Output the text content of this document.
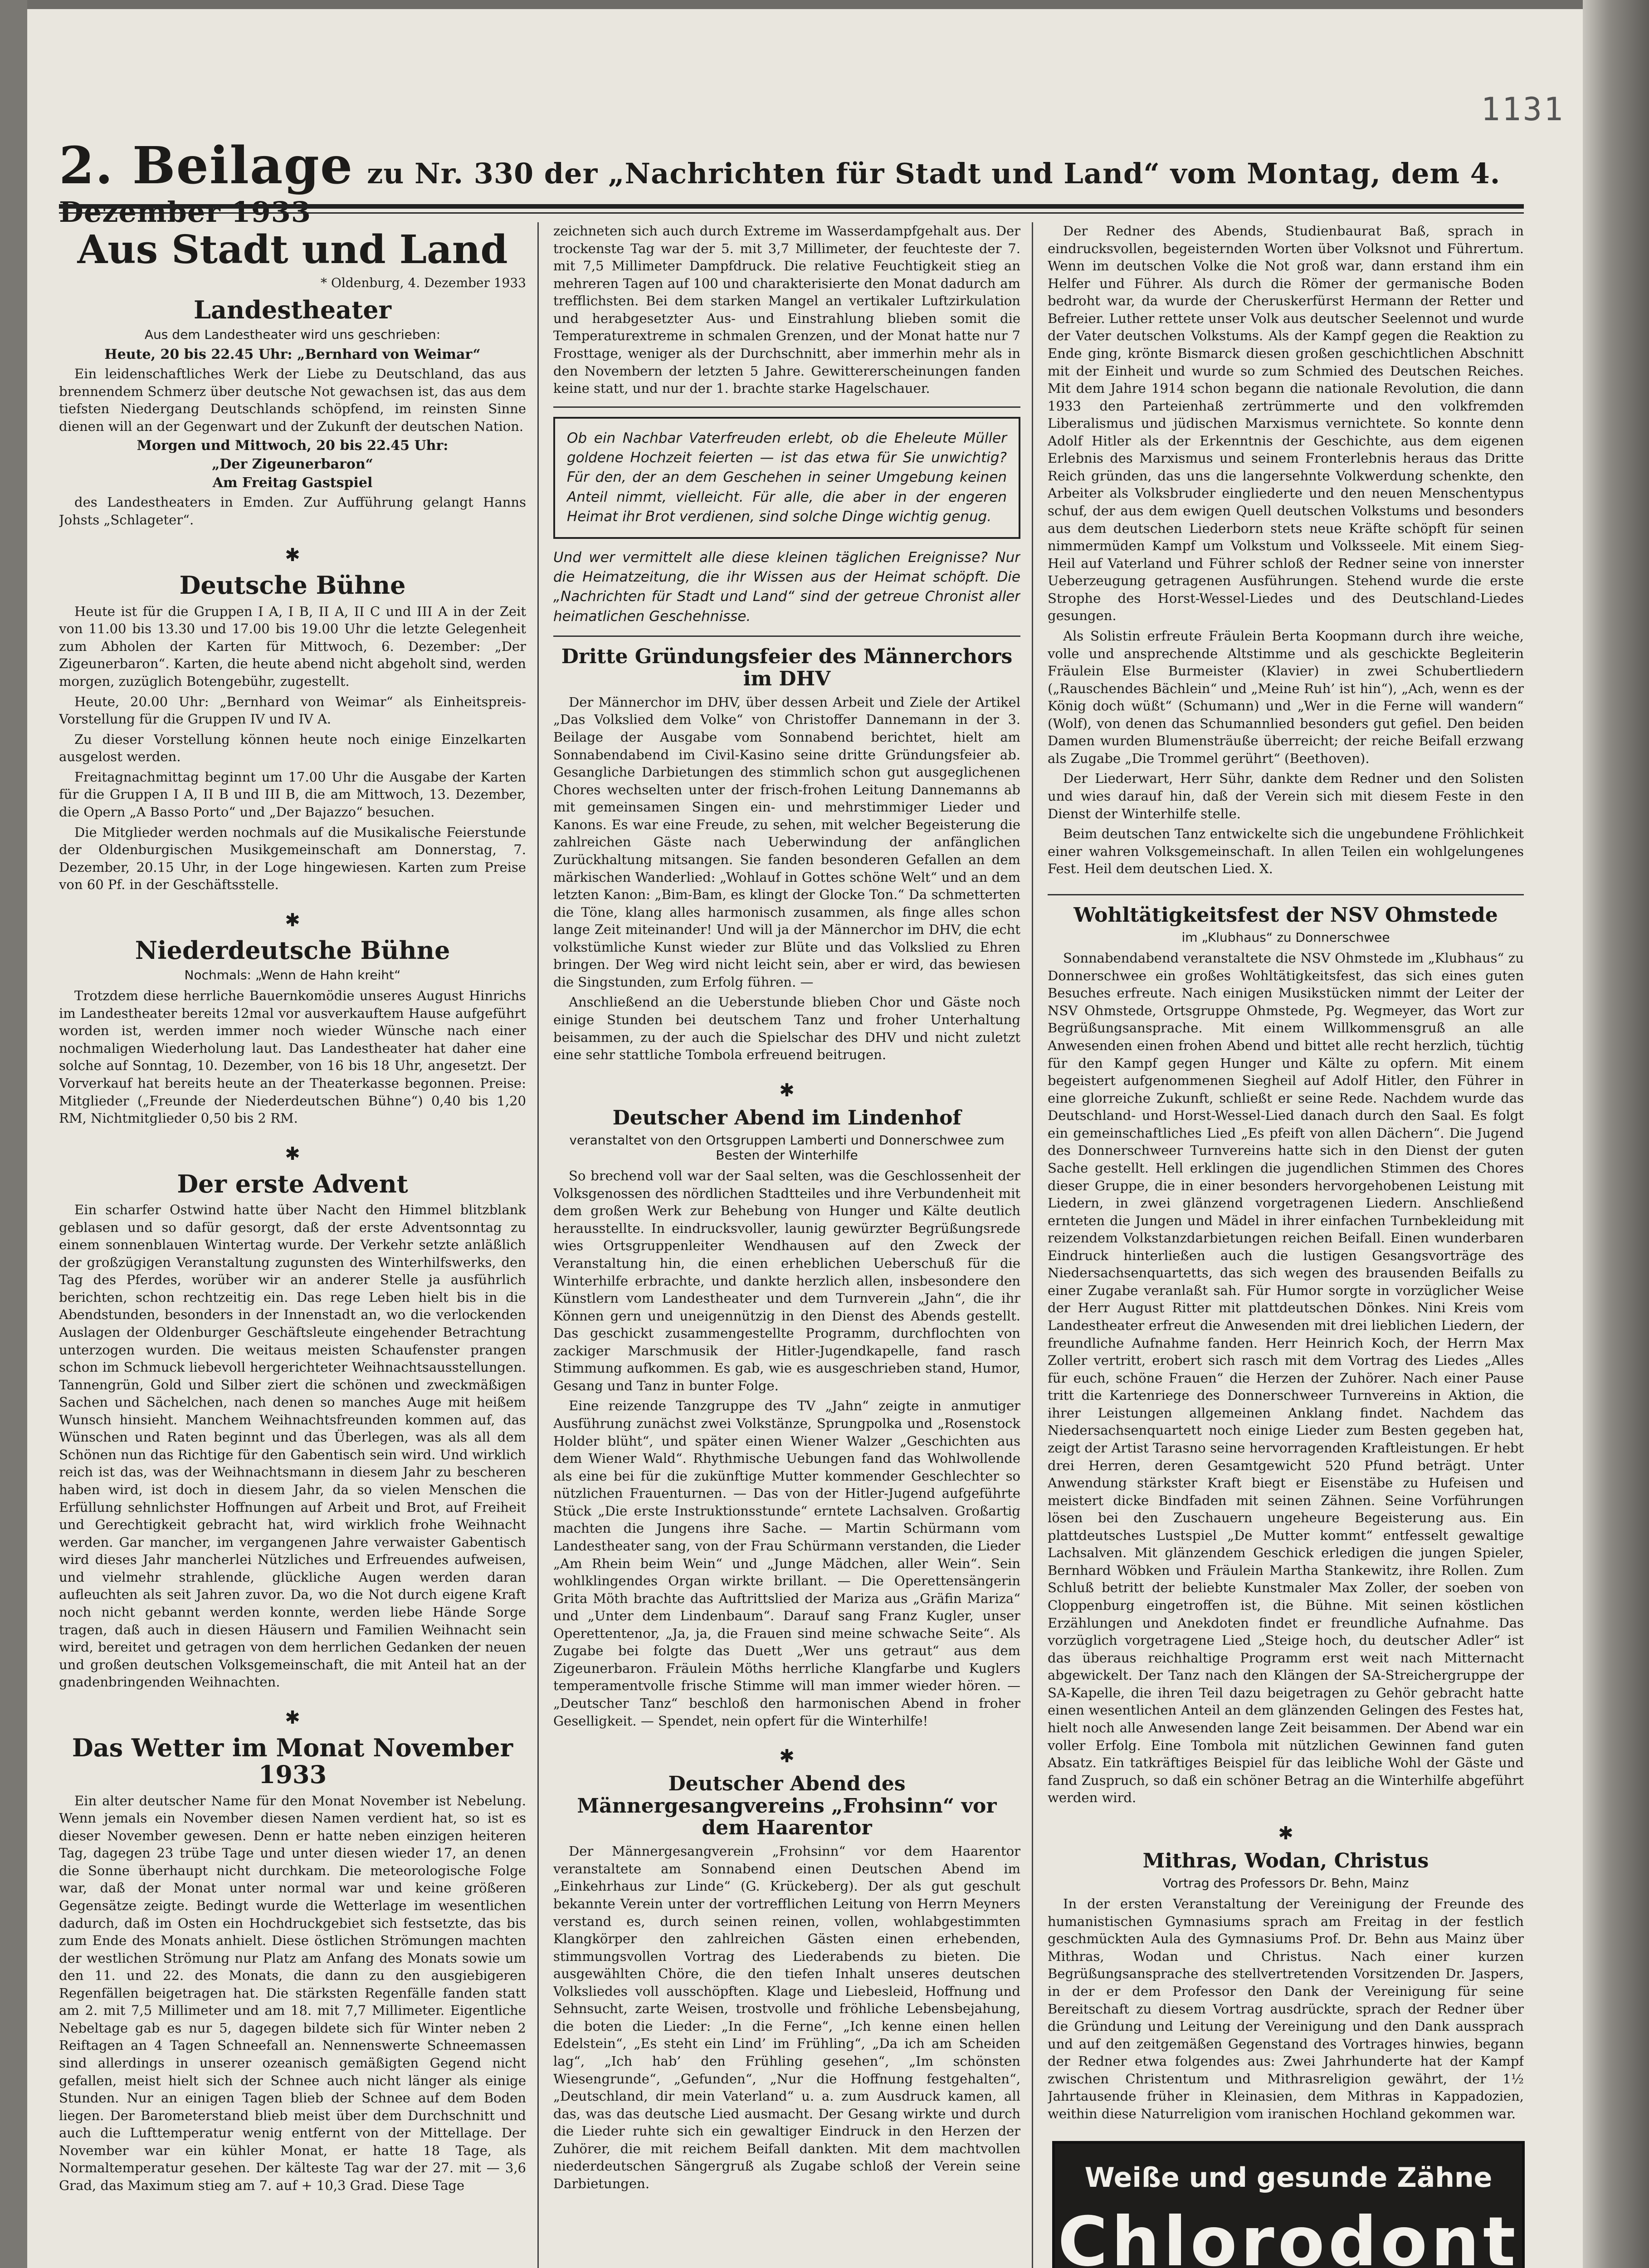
1131
2. Beilage zu Nr. 330 der „Nachrichten für Stadt und Land“ vom Montag, dem 4.
Aus Stadt und Land
* Oldenburg, 4. Dezember 1933
Landestheater
Aus dem Landestheater wird uns geschrieben:

Heute, 20 bis 22.45 Uhr: „Bernhard von Weimar“

Ein leidenschaftliches Werk der Liebe zu Deutschland, das aus brennendem Schmerz über deutsche Not gewachsen ist, das aus dem tiefsten Niedergang Deutschlands schöpfend, im reinsten Sinne dienen will an der Gegenwart und der Zukunft der deutschen Nation.

Morgen und Mittwoch, 20 bis 22.45 Uhr:

„Der Zigeunerbaron“

Am Freitag Gastspiel

des Landestheaters in Emden. Zur Aufführung gelangt Hanns Johsts „Schlageter“.

✱
Deutsche Bühne

Heute ist für die Gruppen I A, I B, II A, II C und III A in der Zeit von 11.00 bis 13.30 und 17.00 bis 19.00 Uhr die letzte Gelegenheit zum Abholen der Karten für Mittwoch, 6. Dezember: „Der Zigeunerbaron“. Karten, die heute abend nicht abgeholt sind, werden morgen, zuzüglich Botengebühr, zugestellt.

Heute, 20.00 Uhr: „Bernhard von Weimar“ als Einheitspreis-Vorstellung für die Gruppen IV und IV A.

Zu dieser Vorstellung können heute noch einige Einzelkarten ausgelost werden.

Freitagnachmittag beginnt um 17.00 Uhr die Ausgabe der Karten für die Gruppen I A, II B und III B, die am Mittwoch, 13. Dezember, die Opern „A Basso Porto“ und „Der Bajazzo“ besuchen.

Die Mitglieder werden nochmals auf die Musikalische Feierstunde der Oldenburgischen Musikgemeinschaft am Donnerstag, 7. Dezember, 20.15 Uhr, in der Loge hingewiesen. Karten zum Preise von 60 Pf. in der Geschäftsstelle.

✱
Niederdeutsche Bühne
Nochmals: „Wenn de Hahn kreiht“

Trotzdem diese herrliche Bauernkomödie unseres August Hinrichs im Landestheater bereits 12mal vor ausverkauftem Hause aufgeführt worden ist, werden immer noch wieder Wünsche nach einer nochmaligen Wiederholung laut. Das Landestheater hat daher eine solche auf Sonntag, 10. Dezember, von 16 bis 18 Uhr, angesetzt. Der Vorverkauf hat bereits heute an der Theaterkasse begonnen. Preise: Mitglieder („Freunde der Niederdeutschen Bühne“) 0,40 bis 1,20 RM, Nichtmitglieder 0,50 bis 2 RM.

✱
Der erste Advent

Ein scharfer Ostwind hatte über Nacht den Himmel blitzblank geblasen und so dafür gesorgt, daß der erste Adventsonntag zu einem sonnenblauen Wintertag wurde. Der Verkehr setzte anläßlich der großzügigen Veranstaltung zugunsten des Winterhilfswerks, den Tag des Pferdes, worüber wir an anderer Stelle ja ausführlich berichten, schon rechtzeitig ein. Das rege Leben hielt bis in die Abendstunden, besonders in der Innenstadt an, wo die verlockenden Auslagen der Oldenburger Geschäftsleute eingehender Betrachtung unterzogen wurden. Die weitaus meisten Schaufenster prangen schon im Schmuck liebevoll hergerichteter Weihnachtsausstellungen. Tannengrün, Gold und Silber ziert die schönen und zweckmäßigen Sachen und Sächelchen, nach denen so manches Auge mit heißem Wunsch hinsieht. Manchem Weihnachtsfreunden kommen auf, das Wünschen und Raten beginnt und das Überlegen, was als all dem Schönen nun das Richtige für den Gabentisch sein wird. Und wirklich reich ist das, was der Weihnachtsmann in diesem Jahr zu bescheren haben wird, ist doch in diesem Jahr, da so vielen Menschen die Erfüllung sehnlichster Hoffnungen auf Arbeit und Brot, auf Freiheit und Gerechtigkeit gebracht hat, wird wirklich frohe Weihnacht werden. Gar mancher, im vergangenen Jahre verwaister Gabentisch wird dieses Jahr mancherlei Nützliches und Erfreuendes aufweisen, und vielmehr strahlende, glückliche Augen werden daran aufleuchten als seit Jahren zuvor. Da, wo die Not durch eigene Kraft noch nicht gebannt werden konnte, werden liebe Hände Sorge tragen, daß auch in diesen Häusern und Familien Weihnacht sein wird, bereitet und getragen von dem herrlichen Gedanken der neuen und großen deutschen Volksgemeinschaft, die mit Anteil hat an der gnadenbringenden Weihnachten.

✱
Das Wetter im Monat November 1933

Ein alter deutscher Name für den Monat November ist Nebelung. Wenn jemals ein November diesen Namen verdient hat, so ist es dieser November gewesen. Denn er hatte neben einzigen heiteren Tag, dagegen 23 trübe Tage und unter diesen wieder 17, an denen die Sonne überhaupt nicht durchkam. Die meteorologische Folge war, daß der Monat unter normal war und keine größeren Gegensätze zeigte. Bedingt wurde die Wetterlage im wesentlichen dadurch, daß im Osten ein Hochdruckgebiet sich festsetzte, das bis zum Ende des Monats anhielt. Diese östlichen Strömungen machten der westlichen Strömung nur Platz am Anfang des Monats sowie um den 11. und 22. des Monats, die dann zu den ausgiebigeren Regenfällen beigetragen hat. Die stärksten Regenfälle fanden statt am 2. mit 7,5 Millimeter und am 18. mit 7,7 Millimeter. Eigentliche Nebeltage gab es nur 5, dagegen bildete sich für Winter neben 2 Reiftagen an 4 Tagen Schneefall an. Nennenswerte Schneemassen sind allerdings in unserer ozeanisch gemäßigten Gegend nicht gefallen, meist hielt sich der Schnee auch nicht länger als einige Stunden. Nur an einigen Tagen blieb der Schnee auf dem Boden liegen. Der Barometerstand blieb meist über dem Durchschnitt und auch die Lufttemperatur wenig entfernt von der Mittellage. Der November war ein kühler Monat, er hatte 18 Tage, als Normaltemperatur gesehen. Der kälteste Tag war der 27. mit — 3,6 Grad, das Maximum stieg am 7. auf + 10,3 Grad. Diese Tage

zeichneten sich auch durch Extreme im Wasserdampfgehalt aus. Der trockenste Tag war der 5. mit 3,7 Millimeter, der feuchteste der 7. mit 7,5 Millimeter Dampfdruck. Die relative Feuchtigkeit stieg an mehreren Tagen auf 100 und charakterisierte den Monat dadurch am trefflichsten. Bei dem starken Mangel an vertikaler Luftzirkulation und herabgesetzter Aus- und Einstrahlung blieben somit die Temperaturextreme in schmalen Grenzen, und der Monat hatte nur 7 Frosttage, weniger als der Durchschnitt, aber immerhin mehr als in den Novembern der letzten 5 Jahre. Gewittererscheinungen fanden keine statt, und nur der 1. brachte starke Hagelschauer.

Ob ein Nachbar Vaterfreuden erlebt, ob die Eheleute Müller goldene Hochzeit feierten — ist das etwa für Sie unwichtig? Für den, der an dem Geschehen in seiner Umgebung keinen Anteil nimmt, vielleicht. Für alle, die aber in der engeren Heimat ihr Brot verdienen, sind solche Dinge wichtig genug.

Und wer vermittelt alle diese kleinen täglichen Ereignisse? Nur die Heimatzeitung, die ihr Wissen aus der Heimat schöpft. Die „Nachrichten für Stadt und Land“ sind der getreue Chronist aller heimatlichen Geschehnisse.
Dritte Gründungsfeier des Männerchors im DHV

Der Männerchor im DHV, über dessen Arbeit und Ziele der Artikel „Das Volkslied dem Volke“ von Christoffer Dannemann in der 3. Beilage der Ausgabe vom Sonnabend berichtet, hielt am Sonnabendabend im Civil-Kasino seine dritte Gründungsfeier ab. Gesangliche Darbietungen des stimmlich schon gut ausgeglichenen Chores wechselten unter der frisch-frohen Leitung Dannemanns ab mit gemeinsamen Singen ein- und mehrstimmiger Lieder und Kanons. Es war eine Freude, zu sehen, mit welcher Begeisterung die zahlreichen Gäste nach Ueberwindung der anfänglichen Zurückhaltung mitsangen. Sie fanden besonderen Gefallen an dem märkischen Wanderlied: „Wohlauf in Gottes schöne Welt“ und an dem letzten Kanon: „Bim-Bam, es klingt der Glocke Ton.“ Da schmetterten die Töne, klang alles harmonisch zusammen, als finge alles schon lange Zeit miteinander! Und will ja der Männerchor im DHV, die echt volkstümliche Kunst wieder zur Blüte und das Volkslied zu Ehren bringen. Der Weg wird nicht leicht sein, aber er wird, das bewiesen die Singstunden, zum Erfolg führen. —

Anschließend an die Ueberstunde blieben Chor und Gäste noch einige Stunden bei deutschem Tanz und froher Unterhaltung beisammen, zu der auch die Spielschar des DHV und nicht zuletzt eine sehr stattliche Tombola erfreuend beitrugen.

✱
Deutscher Abend im Lindenhof
veranstaltet von den Ortsgruppen Lamberti und Donnerschwee zum Besten der Winterhilfe

So brechend voll war der Saal selten, was die Geschlossenheit der Volksgenossen des nördlichen Stadtteiles und ihre Verbundenheit mit dem großen Werk zur Behebung von Hunger und Kälte deutlich herausstellte. In eindrucksvoller, launig gewürzter Begrüßungsrede wies Ortsgruppenleiter Wendhausen auf den Zweck der Veranstaltung hin, die einen erheblichen Ueberschuß für die Winterhilfe erbrachte, und dankte herzlich allen, insbesondere den Künstlern vom Landestheater und dem Turnverein „Jahn“, die ihr Können gern und uneigennützig in den Dienst des Abends gestellt. Das geschickt zusammengestellte Programm, durchflochten von zackiger Marschmusik der Hitler-Jugendkapelle, fand rasch Stimmung aufkommen. Es gab, wie es ausgeschrieben stand, Humor, Gesang und Tanz in bunter Folge.

Eine reizende Tanzgruppe des TV „Jahn“ zeigte in anmutiger Ausführung zunächst zwei Volkstänze, Sprungpolka und „Rosenstock Holder blüht“, und später einen Wiener Walzer „Geschichten aus dem Wiener Wald“. Rhythmische Uebungen fand das Wohlwollende als eine bei für die zukünftige Mutter kommender Geschlechter so nützlichen Frauenturnen. — Das von der Hitler-Jugend aufgeführte Stück „Die erste Instruktionsstunde“ erntete Lachsalven. Großartig machten die Jungens ihre Sache. — Martin Schürmann vom Landestheater sang, von der Frau Schürmann verstanden, die Lieder „Am Rhein beim Wein“ und „Junge Mädchen, aller Wein“. Sein wohlklingendes Organ wirkte brillant. — Die Operettensängerin Grita Möth brachte das Auftrittslied der Mariza aus „Gräfin Mariza“ und „Unter dem Lindenbaum“. Darauf sang Franz Kugler, unser Operettentenor, „Ja, ja, die Frauen sind meine schwache Seite“. Als Zugabe bei folgte das Duett „Wer uns getraut“ aus dem Zigeunerbaron. Fräulein Möths herrliche Klangfarbe und Kuglers temperamentvolle frische Stimme will man immer wieder hören. — „Deutscher Tanz“ beschloß den harmonischen Abend in froher Geselligkeit. — Spendet, nein opfert für die Winterhilfe!

✱
Deutscher Abend des Männergesangvereins „Frohsinn“ vor dem Haarentor

Der Männergesangverein „Frohsinn“ vor dem Haarentor veranstaltete am Sonnabend einen Deutschen Abend im „Einkehrhaus zur Linde“ (G. Krückeberg). Der als gut geschult bekannte Verein unter der vortrefflichen Leitung von Herrn Meyners verstand es, durch seinen reinen, vollen, wohlabgestimmten Klangkörper den zahlreichen Gästen einen erhebenden, stimmungsvollen Vortrag des Liederabends zu bieten. Die ausgewählten Chöre, die den tiefen Inhalt unseres deutschen Volksliedes voll ausschöpften. Klage und Liebesleid, Hoffnung und Sehnsucht, zarte Weisen, trostvolle und fröhliche Lebensbejahung, die boten die Lieder: „In die Ferne“, „Ich kenne einen hellen Edelstein“, „Es steht ein Lind’ im Frühling“, „Da ich am Scheiden lag“, „Ich hab’ den Frühling gesehen“, „Im schönsten Wiesengrunde“, „Gefunden“, „Nur die Hoffnung festgehalten“, „Deutschland, dir mein Vaterland“ u. a. zum Ausdruck kamen, all das, was das deutsche Lied ausmacht. Der Gesang wirkte und durch die Lieder ruhte sich ein gewaltiger Eindruck in den Herzen der Zuhörer, die mit reichem Beifall dankten. Mit dem machtvollen niederdeutschen Sängergruß als Zugabe schloß der Verein seine Darbietungen.

Der Redner des Abends, Studienbaurat Baß, sprach in eindrucksvollen, begeisternden Worten über Volksnot und Führertum. Wenn im deutschen Volke die Not groß war, dann erstand ihm ein Helfer und Führer. Als durch die Römer der germanische Boden bedroht war, da wurde der Cheruskerfürst Hermann der Retter und Befreier. Luther rettete unser Volk aus deutscher Seelennot und wurde der Vater deutschen Volkstums. Als der Kampf gegen die Reaktion zu Ende ging, krönte Bismarck diesen großen geschichtlichen Abschnitt mit der Einheit und wurde so zum Schmied des Deutschen Reiches. Mit dem Jahre 1914 schon begann die nationale Revolution, die dann 1933 den Parteienhaß zertrümmerte und den volkfremden Liberalismus und jüdischen Marxismus vernichtete. So konnte denn Adolf Hitler als der Erkenntnis der Geschichte, aus dem eigenen Erlebnis des Marxismus und seinem Fronterlebnis heraus das Dritte Reich gründen, das uns die langersehnte Volkwerdung schenkte, den Arbeiter als Volksbruder eingliederte und den neuen Menschentypus schuf, der aus dem ewigen Quell deutschen Volkstums und besonders aus dem deutschen Liederborn stets neue Kräfte schöpft für seinen nimmermüden Kampf um Volkstum und Volksseele. Mit einem Sieg-Heil auf Vaterland und Führer schloß der Redner seine von innerster Ueberzeugung getragenen Ausführungen. Stehend wurde die erste Strophe des Horst-Wessel-Liedes und des Deutschland-Liedes gesungen.

Als Solistin erfreute Fräulein Berta Koopmann durch ihre weiche, volle und ansprechende Altstimme und als geschickte Begleiterin Fräulein Else Burmeister (Klavier) in zwei Schubertliedern („Rauschendes Bächlein“ und „Meine Ruh’ ist hin“), „Ach, wenn es der König doch wüßt“ (Schumann) und „Wer in die Ferne will wandern“ (Wolf), von denen das Schumannlied besonders gut gefiel. Den beiden Damen wurden Blumensträuße überreicht; der reiche Beifall erzwang als Zugabe „Die Trommel gerührt“ (Beethoven).

Der Liederwart, Herr Sühr, dankte dem Redner und den Solisten und wies darauf hin, daß der Verein sich mit diesem Feste in den Dienst der Winterhilfe stelle.

Beim deutschen Tanz entwickelte sich die ungebundene Fröhlichkeit einer wahren Volksgemeinschaft. In allen Teilen ein wohlgelungenes Fest. Heil dem deutschen Lied. X.

Wohltätigkeitsfest der NSV Ohmstede
im „Klubhaus“ zu Donnerschwee

Sonnabendabend veranstaltete die NSV Ohmstede im „Klubhaus“ zu Donnerschwee ein großes Wohltätigkeitsfest, das sich eines guten Besuches erfreute. Nach einigen Musikstücken nimmt der Leiter der NSV Ohmstede, Ortsgruppe Ohmstede, Pg. Wegmeyer, das Wort zur Begrüßungsansprache. Mit einem Willkommensgruß an alle Anwesenden einen frohen Abend und bittet alle recht herzlich, tüchtig für den Kampf gegen Hunger und Kälte zu opfern. Mit einem begeistert aufgenommenen Siegheil auf Adolf Hitler, den Führer in eine glorreiche Zukunft, schließt er seine Rede. Nachdem wurde das Deutschland- und Horst-Wessel-Lied danach durch den Saal. Es folgt ein gemeinschaftliches Lied „Es pfeift von allen Dächern“. Die Jugend des Donnerschweer Turnvereins hatte sich in den Dienst der guten Sache gestellt. Hell erklingen die jugendlichen Stimmen des Chores dieser Gruppe, die in einer besonders hervorgehobenen Leistung mit Liedern, in zwei glänzend vorgetragenen Liedern. Anschließend ernteten die Jungen und Mädel in ihrer einfachen Turnbekleidung mit reizendem Volkstanzdarbietungen reichen Beifall. Einen wunderbaren Eindruck hinterließen auch die lustigen Gesangsvorträge des Niedersachsenquartetts, das sich wegen des brausenden Beifalls zu einer Zugabe veranlaßt sah. Für Humor sorgte in vorzüglicher Weise der Herr August Ritter mit plattdeutschen Dönkes. Nini Kreis vom Landestheater erfreut die Anwesenden mit drei lieblichen Liedern, der freundliche Aufnahme fanden. Herr Heinrich Koch, der Herrn Max Zoller vertritt, erobert sich rasch mit dem Vortrag des Liedes „Alles für euch, schöne Frauen“ die Herzen der Zuhörer. Nach einer Pause tritt die Kartenriege des Donnerschweer Turnvereins in Aktion, die ihrer Leistungen allgemeinen Anklang findet. Nachdem das Niedersachsenquartett noch einige Lieder zum Besten gegeben hat, zeigt der Artist Tarasno seine hervorragenden Kraftleistungen. Er hebt drei Herren, deren Gesamtgewicht 520 Pfund beträgt. Unter Anwendung stärkster Kraft biegt er Eisenstäbe zu Hufeisen und meistert dicke Bindfaden mit seinen Zähnen. Seine Vorführungen lösen bei den Zuschauern ungeheure Begeisterung aus. Ein plattdeutsches Lustspiel „De Mutter kommt“ entfesselt gewaltige Lachsalven. Mit glänzendem Geschick erledigen die jungen Spieler, Bernhard Wöbken und Fräulein Martha Stankewitz, ihre Rollen. Zum Schluß betritt der beliebte Kunstmaler Max Zoller, der soeben von Cloppenburg eingetroffen ist, die Bühne. Mit seinen köstlichen Erzählungen und Anekdoten findet er freundliche Aufnahme. Das vorzüglich vorgetragene Lied „Steige hoch, du deutscher Adler“ ist das überaus reichhaltige Programm erst weit nach Mitternacht abgewickelt. Der Tanz nach den Klängen der SA-Streichergruppe der SA-Kapelle, die ihren Teil dazu beigetragen zu Gehör gebracht hatte einen wesentlichen Anteil an dem glänzenden Gelingen des Festes hat, hielt noch alle Anwesenden lange Zeit beisammen. Der Abend war ein voller Erfolg. Eine Tombola mit nützlichen Gewinnen fand guten Absatz. Ein tatkräftiges Beispiel für das leibliche Wohl der Gäste und fand Zuspruch, so daß ein schöner Betrag an die Winterhilfe abgeführt werden wird.

✱
Mithras, Wodan, Christus
Vortrag des Professors Dr. Behn, Mainz

In der ersten Veranstaltung der Vereinigung der Freunde des humanistischen Gymnasiums sprach am Freitag in der festlich geschmückten Aula des Gymnasiums Prof. Dr. Behn aus Mainz über Mithras, Wodan und Christus. Nach einer kurzen Begrüßungsansprache des stellvertretenden Vorsitzenden Dr. Jaspers, in der er dem Professor den Dank der Vereinigung für seine Bereitschaft zu diesem Vortrag ausdrückte, sprach der Redner über die Gründung und Leitung der Vereinigung und den Dank aussprach und auf den zeitgemäßen Gegenstand des Vortrages hinwies, begann der Redner etwa folgendes aus: Zwei Jahrhunderte hat der Kampf zwischen Christentum und Mithrasreligion gewährt, der 1½ Jahrtausende früher in Kleinasien, dem Mithras in Kappadozien, weithin diese Naturreligion vom iranischen Hochland gekommen war.

Weiße und gesunde Zähne
Chlorodont
